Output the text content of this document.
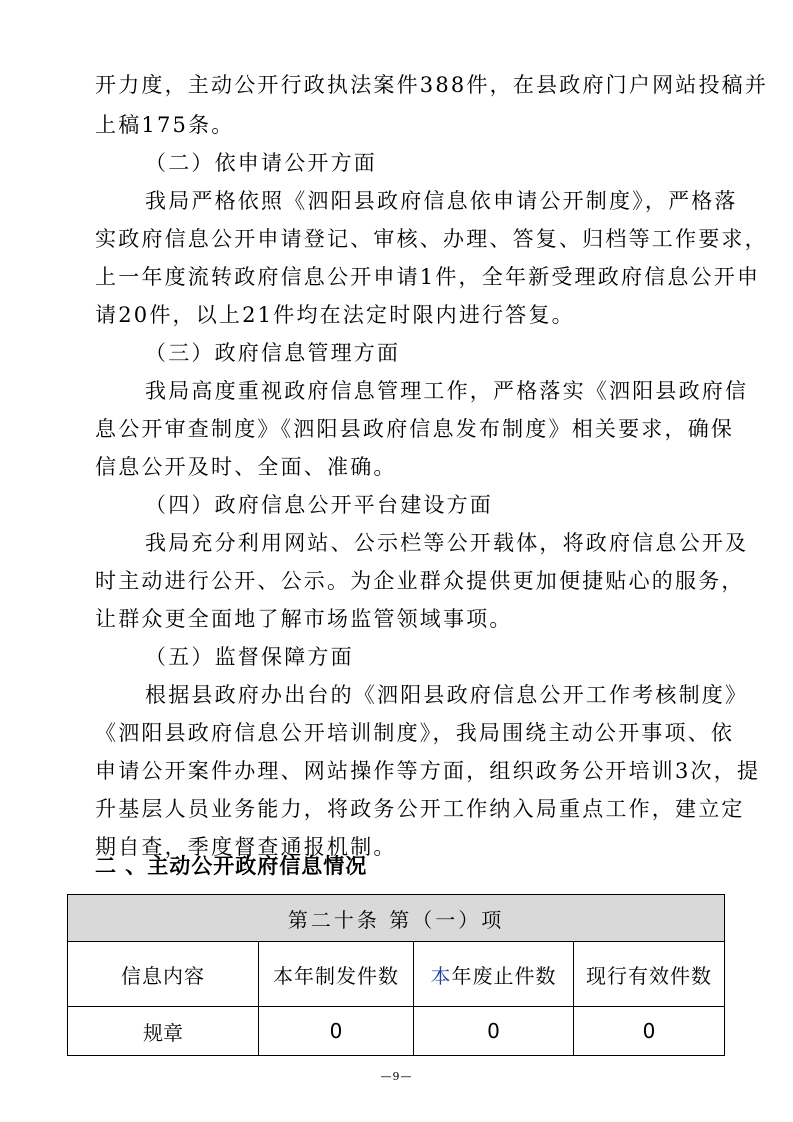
开力度，主动公开行政执法案件388件，在县政府门户网站投稿并
上稿175条。
（二）依申请公开方面
我局严格依照《泗阳县政府信息依申请公开制度》，严格落
实政府信息公开申请登记、审核、办理、答复、归档等工作要求，
上一年度流转政府信息公开申请1件，全年新受理政府信息公开申
请20件，以上21件均在法定时限内进行答复。
（三）政府信息管理方面
我局高度重视政府信息管理工作，严格落实《泗阳县政府信
息公开审查制度》《泗阳县政府信息发布制度》相关要求，确保
信息公开及时、全面、准确。
（四）政府信息公开平台建设方面
我局充分利用网站、公示栏等公开载体，将政府信息公开及
时主动进行公开、公示。为企业群众提供更加便捷贴心的服务，
让群众更全面地了解市场监管领域事项。
（五）监督保障方面
根据县政府办出台的《泗阳县政府信息公开工作考核制度》
《泗阳县政府信息公开培训制度》，我局围绕主动公开事项、依
申请公开案件办理、网站操作等方面，组织政务公开培训3次，提
升基层人员业务能力，将政务公开工作纳入局重点工作，建立定
期自查，季度督查通报机制。
二 、主动公开政府信息情况
第二十条 第（一）项			
信息内容	本年制发件数	本年废止件数	现行有效件数
规章	0	0	0
—9—
